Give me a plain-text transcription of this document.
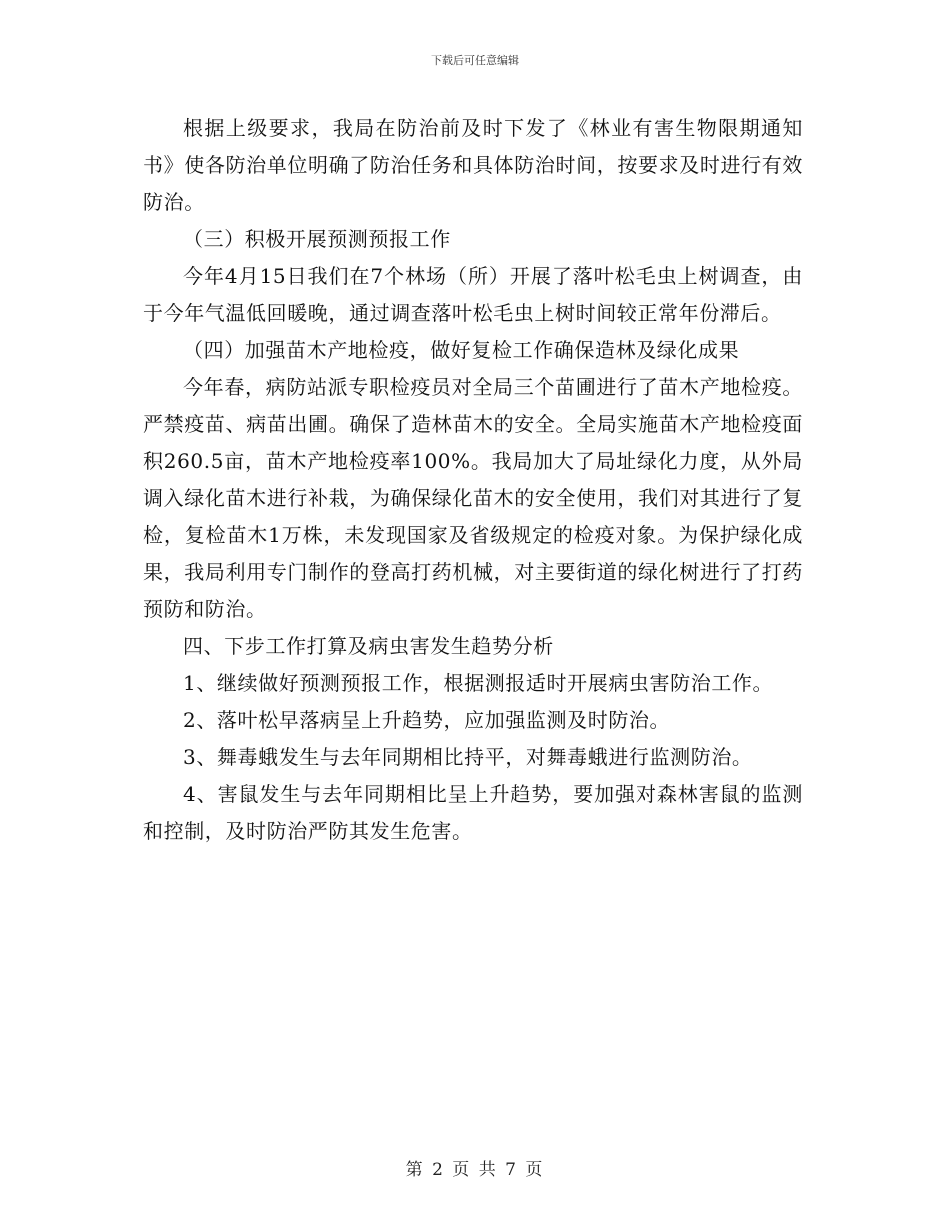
下载后可任意编辑

根据上级要求，我局在防治前及时下发了《林业有害生物限期通知书》使各防治单位明确了防治任务和具体防治时间，按要求及时进行有效防治。

（三）积极开展预测预报工作

今年4月15日我们在7个林场（所）开展了落叶松毛虫上树调查，由于今年气温低回暖晚，通过调查落叶松毛虫上树时间较正常年份滞后。

（四）加强苗木产地检疫，做好复检工作确保造林及绿化成果

今年春，病防站派专职检疫员对全局三个苗圃进行了苗木产地检疫。严禁疫苗、病苗出圃。确保了造林苗木的安全。全局实施苗木产地检疫面积260.5亩，苗木产地检疫率100%。我局加大了局址绿化力度，从外局调入绿化苗木进行补栽，为确保绿化苗木的安全使用，我们对其进行了复检，复检苗木1万株，未发现国家及省级规定的检疫对象。为保护绿化成果，我局利用专门制作的登高打药机械，对主要街道的绿化树进行了打药预防和防治。

四、下步工作打算及病虫害发生趋势分析

1、继续做好预测预报工作，根据测报适时开展病虫害防治工作。

2、落叶松早落病呈上升趋势，应加强监测及时防治。

3、舞毒蛾发生与去年同期相比持平，对舞毒蛾进行监测防治。

4、害鼠发生与去年同期相比呈上升趋势，要加强对森林害鼠的监测和控制，及时防治严防其发生危害。

第 2 页 共 7 页
